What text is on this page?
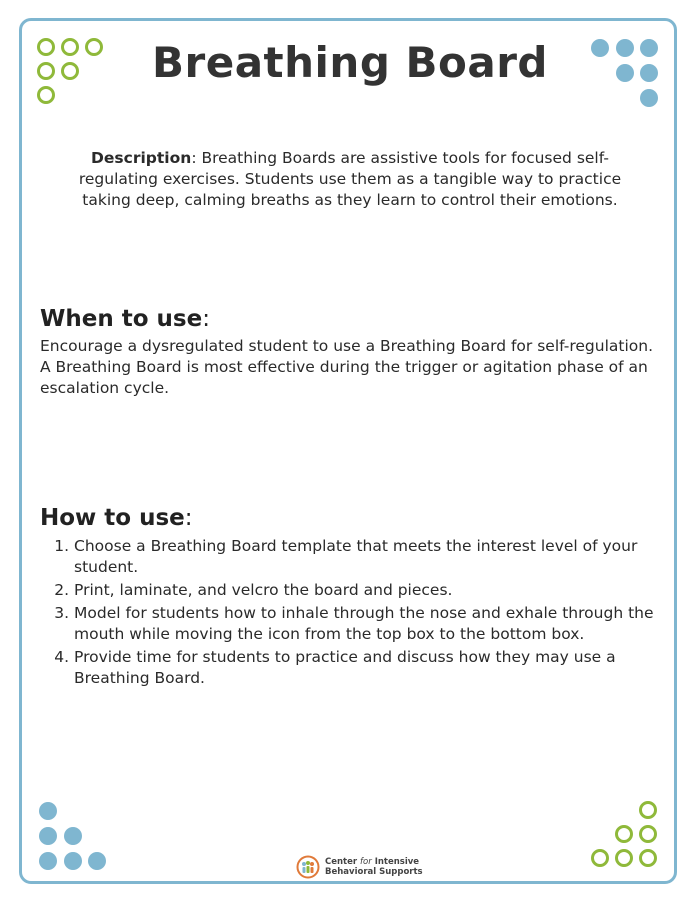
Breathing Board

Description: Breathing Boards are assistive tools for focused self-regulating exercises. Students use them as a tangible way to practice taking deep, calming breaths as they learn to control their emotions.

When to use:

Encourage a dysregulated student to use a Breathing Board for self-regulation. A Breathing Board is most effective during the trigger or agitation phase of an escalation cycle.

How to use:
1. Choose a Breathing Board template that meets the interest level of your student.
2. Print, laminate, and velcro the board and pieces.
3. Model for students how to inhale through the nose and exhale through the mouth while moving the icon from the top box to the bottom box.
4. Provide time for students to practice and discuss how they may use a Breathing Board.
Center for Intensive
Behavioral Supports
